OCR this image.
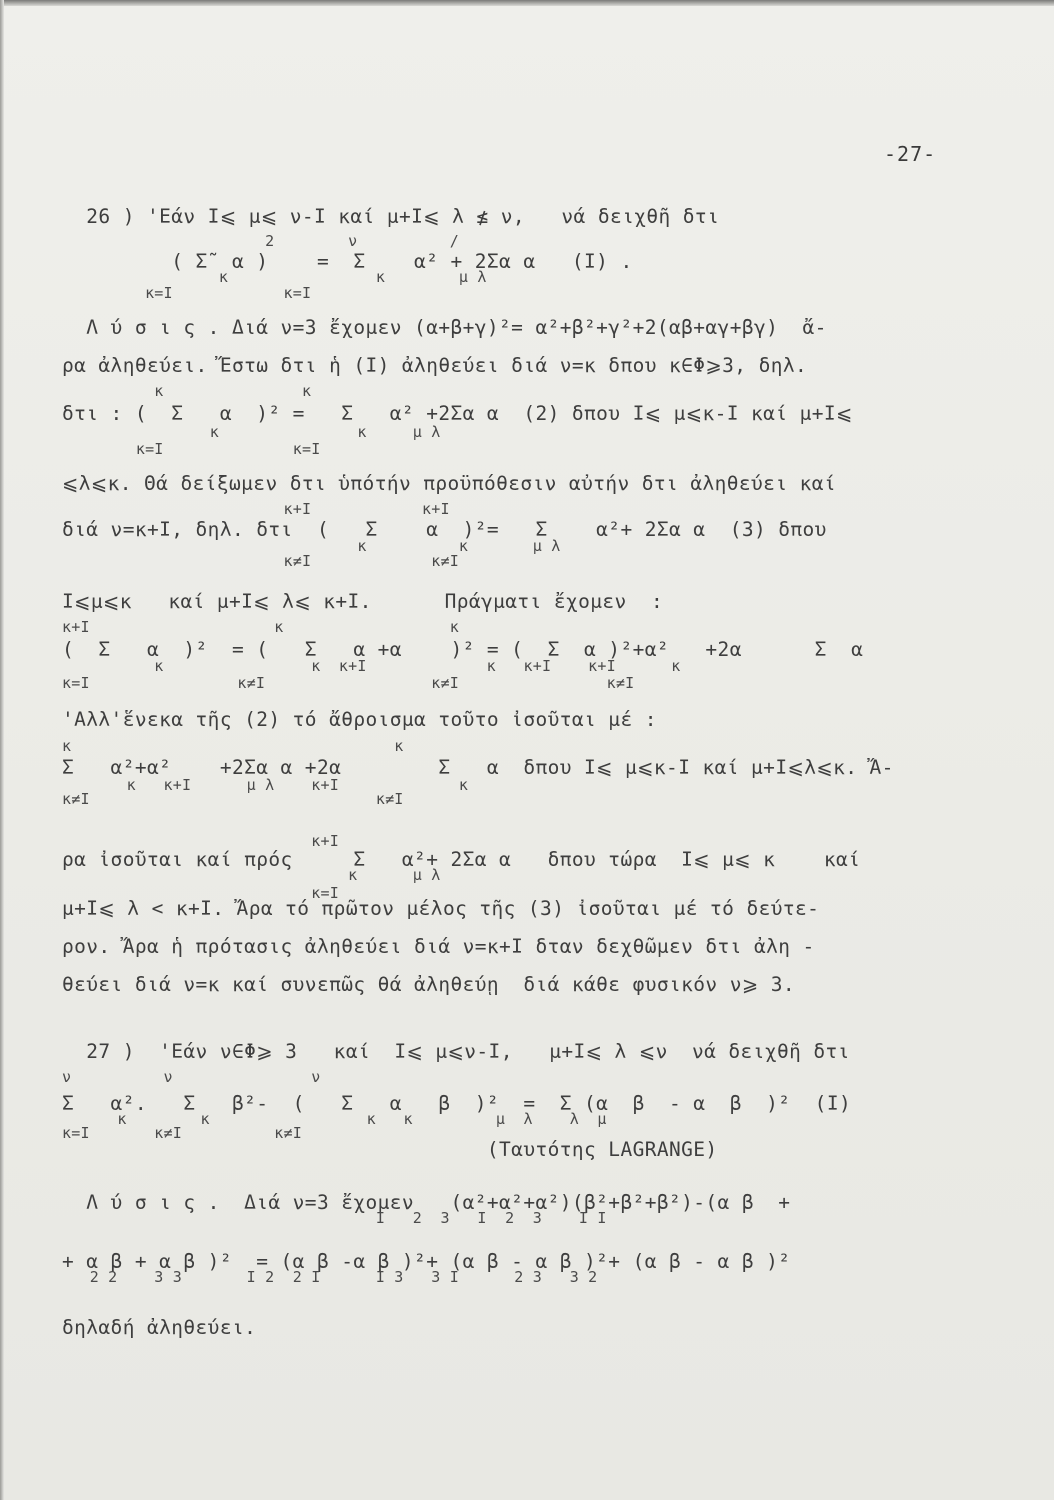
-27-
26 ) 'Εάν Ι⩽ μ⩽ ν-Ι καί μ+Ι⩽ λ ≰ ν,   νά δειχθῆ δτι
2        ν          /
( Σ̃  α )    =  Σ    α² + 2Σα α   (Ι) .
κ                κ        μ λ
κ=Ι            κ=Ι
Λ ύ σ ι ς . Διά ν=3 ἔχομεν (α+β+γ)²= α²+β²+γ²+2(αβ+αγ+βγ)  ἄ-
ρα ἀληθεύει. Ἔστω δτι ἡ (Ι) ἀληθεύει διά ν=κ δπου κ∈Φ⩾3, δηλ.
κ               κ
δτι : (  Σ   α  )² =   Σ   α² +2Σα α  (2) δπου Ι⩽ μ⩽κ-Ι καί μ+Ι⩽
κ               κ     μ λ
κ=Ι              κ=Ι
⩽λ⩽κ. Θά δείξωμεν δτι ὑπότήν προϋπόθεσιν αὐτήν δτι ἀληθεύει καί
κ+Ι            κ+Ι
διά ν=κ+Ι, δηλ. δτι  (   Σ    α  )²=   Σ    α²+ 2Σα α  (3) δπου
κ          κ       μ λ
κ≠Ι             κ≠Ι
Ι⩽μ⩽κ   καί μ+Ι⩽ λ⩽ κ+Ι.      Πράγματι ἔχομεν  :
κ+Ι                    κ                  κ
(  Σ   α  )²  = (   Σ   α +α    )² = (  Σ  α )²+α²   +2α      Σ  α
κ                κ  κ+Ι             κ   κ+Ι    κ+Ι      κ
κ=Ι                κ≠Ι                  κ≠Ι                κ≠Ι
'Αλλ'ἕνεκα τῆς (2) τό ἄθροισμα τοῦτο ἰσοῦται μέ :
κ                                   κ
Σ   α²+α²    +2Σα α +2α        Σ   α  δπου Ι⩽ μ⩽κ-Ι καί μ+Ι⩽λ⩽κ. Ἄ-
κ   κ+Ι      μ λ    κ+Ι             κ
κ≠Ι                               κ≠Ι
κ+Ι
ρα ἰσοῦται καί πρός     Σ   α²+ 2Σα α   δπου τώρα  Ι⩽ μ⩽ κ    καί
κ      μ λ
κ=Ι
μ+Ι⩽ λ < κ+Ι. Ἄρα τό πρῶτον μέλος τῆς (3) ἰσοῦται μέ τό δεύτε-
ρον. Ἄρα ἡ πρότασις ἀληθεύει διά ν=κ+Ι δταν δεχθῶμεν δτι ἀλη -
θεύει διά ν=κ καί συνεπῶς θά ἀληθεύῃ  διά κάθε φυσικόν ν⩾ 3.
27 )  'Εάν ν∈Φ⩾ 3   καί  Ι⩽ μ⩽ν-Ι,   μ+Ι⩽ λ ⩽ν  νά δειχθῆ δτι
ν          ν               ν
Σ   α².   Σ   β²-  (   Σ   α   β  )²  =  Σ (α  β  - α  β  )²  (Ι)
κ        κ                 κ   κ         μ  λ    λ  μ
κ=Ι       κ≠Ι          κ≠Ι
(Ταυτότης LAGRANGE)
Λ ύ σ ι ς .  Διά ν=3 ἔχομεν   (α²+α²+α²)(β²+β²+β²)-(α β  +
Ι   2  3   Ι  2  3    Ι Ι
+ α β + α β )²  = (α β -α β )²+ (α β - α β )²+ (α β - α β )²
2 2    3 3       Ι 2  2 Ι      Ι 3   3 Ι      2 3   3 2
δηλαδή ἀληθεύει.
